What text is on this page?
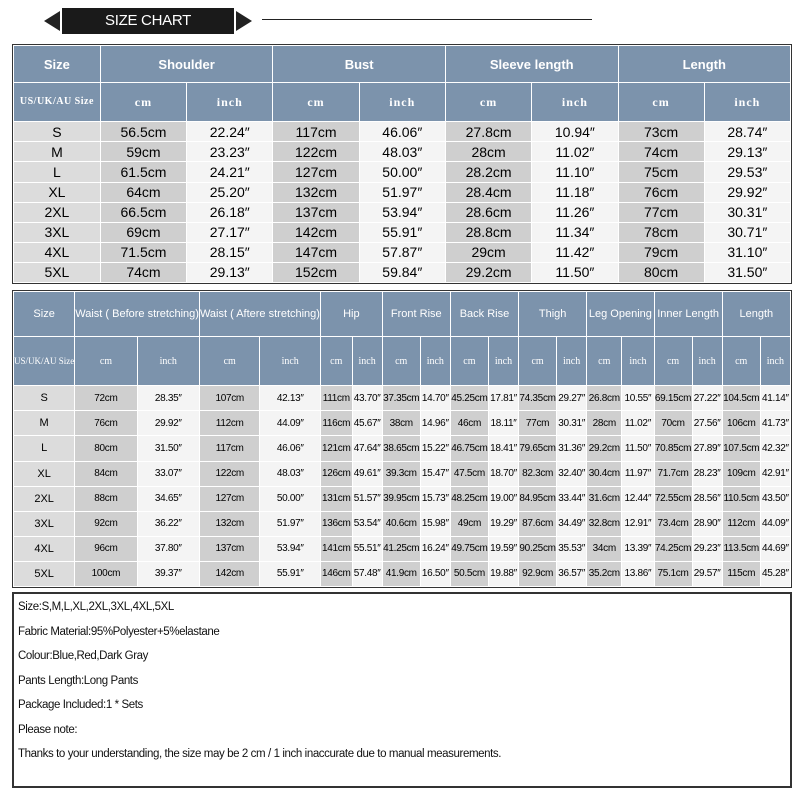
SIZE CHART
Size	Shoulder		Bust		Sleeve length		Length	
US/UK/AU Size	cm	inch	cm	inch	cm	inch	cm	inch
S	56.5cm	22.24″	117cm	46.06″	27.8cm	10.94″	73cm	28.74″
M	59cm	23.23″	122cm	48.03″	28cm	11.02″	74cm	29.13″
L	61.5cm	24.21″	127cm	50.00″	28.2cm	11.10″	75cm	29.53″
XL	64cm	25.20″	132cm	51.97″	28.4cm	11.18″	76cm	29.92″
2XL	66.5cm	26.18″	137cm	53.94″	28.6cm	11.26″	77cm	30.31″
3XL	69cm	27.17″	142cm	55.91″	28.8cm	11.34″	78cm	30.71″
4XL	71.5cm	28.15″	147cm	57.87″	29cm	11.42″	79cm	31.10″
5XL	74cm	29.13″	152cm	59.84″	29.2cm	11.50″	80cm	31.50″
Size	Waist ( Before stretching)		Waist ( Aftere stretching)		Hip		Front Rise		Back Rise		Thigh		Leg Opening		Inner Length		Length	
US/UK/AU Size	cm	inch	cm	inch	cm	inch	cm	inch	cm	inch	cm	inch	cm	inch	cm	inch	cm	inch
S	72cm	28.35″	107cm	42.13″	111cm	43.70″	37.35cm	14.70″	45.25cm	17.81″	74.35cm	29.27″	26.8cm	10.55″	69.15cm	27.22″	104.5cm	41.14″
M	76cm	29.92″	112cm	44.09″	116cm	45.67″	38cm	14.96″	46cm	18.11″	77cm	30.31″	28cm	11.02″	70cm	27.56″	106cm	41.73″
L	80cm	31.50″	117cm	46.06″	121cm	47.64″	38.65cm	15.22″	46.75cm	18.41″	79.65cm	31.36″	29.2cm	11.50″	70.85cm	27.89″	107.5cm	42.32″
XL	84cm	33.07″	122cm	48.03″	126cm	49.61″	39.3cm	15.47″	47.5cm	18.70″	82.3cm	32.40″	30.4cm	11.97″	71.7cm	28.23″	109cm	42.91″
2XL	88cm	34.65″	127cm	50.00″	131cm	51.57″	39.95cm	15.73″	48.25cm	19.00″	84.95cm	33.44″	31.6cm	12.44″	72.55cm	28.56″	110.5cm	43.50″
3XL	92cm	36.22″	132cm	51.97″	136cm	53.54″	40.6cm	15.98″	49cm	19.29″	87.6cm	34.49″	32.8cm	12.91″	73.4cm	28.90″	112cm	44.09″
4XL	96cm	37.80″	137cm	53.94″	141cm	55.51″	41.25cm	16.24″	49.75cm	19.59″	90.25cm	35.53″	34cm	13.39″	74.25cm	29.23″	113.5cm	44.69″
5XL	100cm	39.37″	142cm	55.91″	146cm	57.48″	41.9cm	16.50″	50.5cm	19.88″	92.9cm	36.57″	35.2cm	13.86″	75.1cm	29.57″	115cm	45.28″
Size:S,M,L,XL,2XL,3XL,4XL,5XL
Fabric Material:95%Polyester+5%elastane
Colour:Blue,Red,Dark Gray
Pants Length:Long Pants
Package Included:1 * Sets
Please note:
Thanks to your understanding, the size may be 2 cm / 1 inch inaccurate due to manual measurements.
